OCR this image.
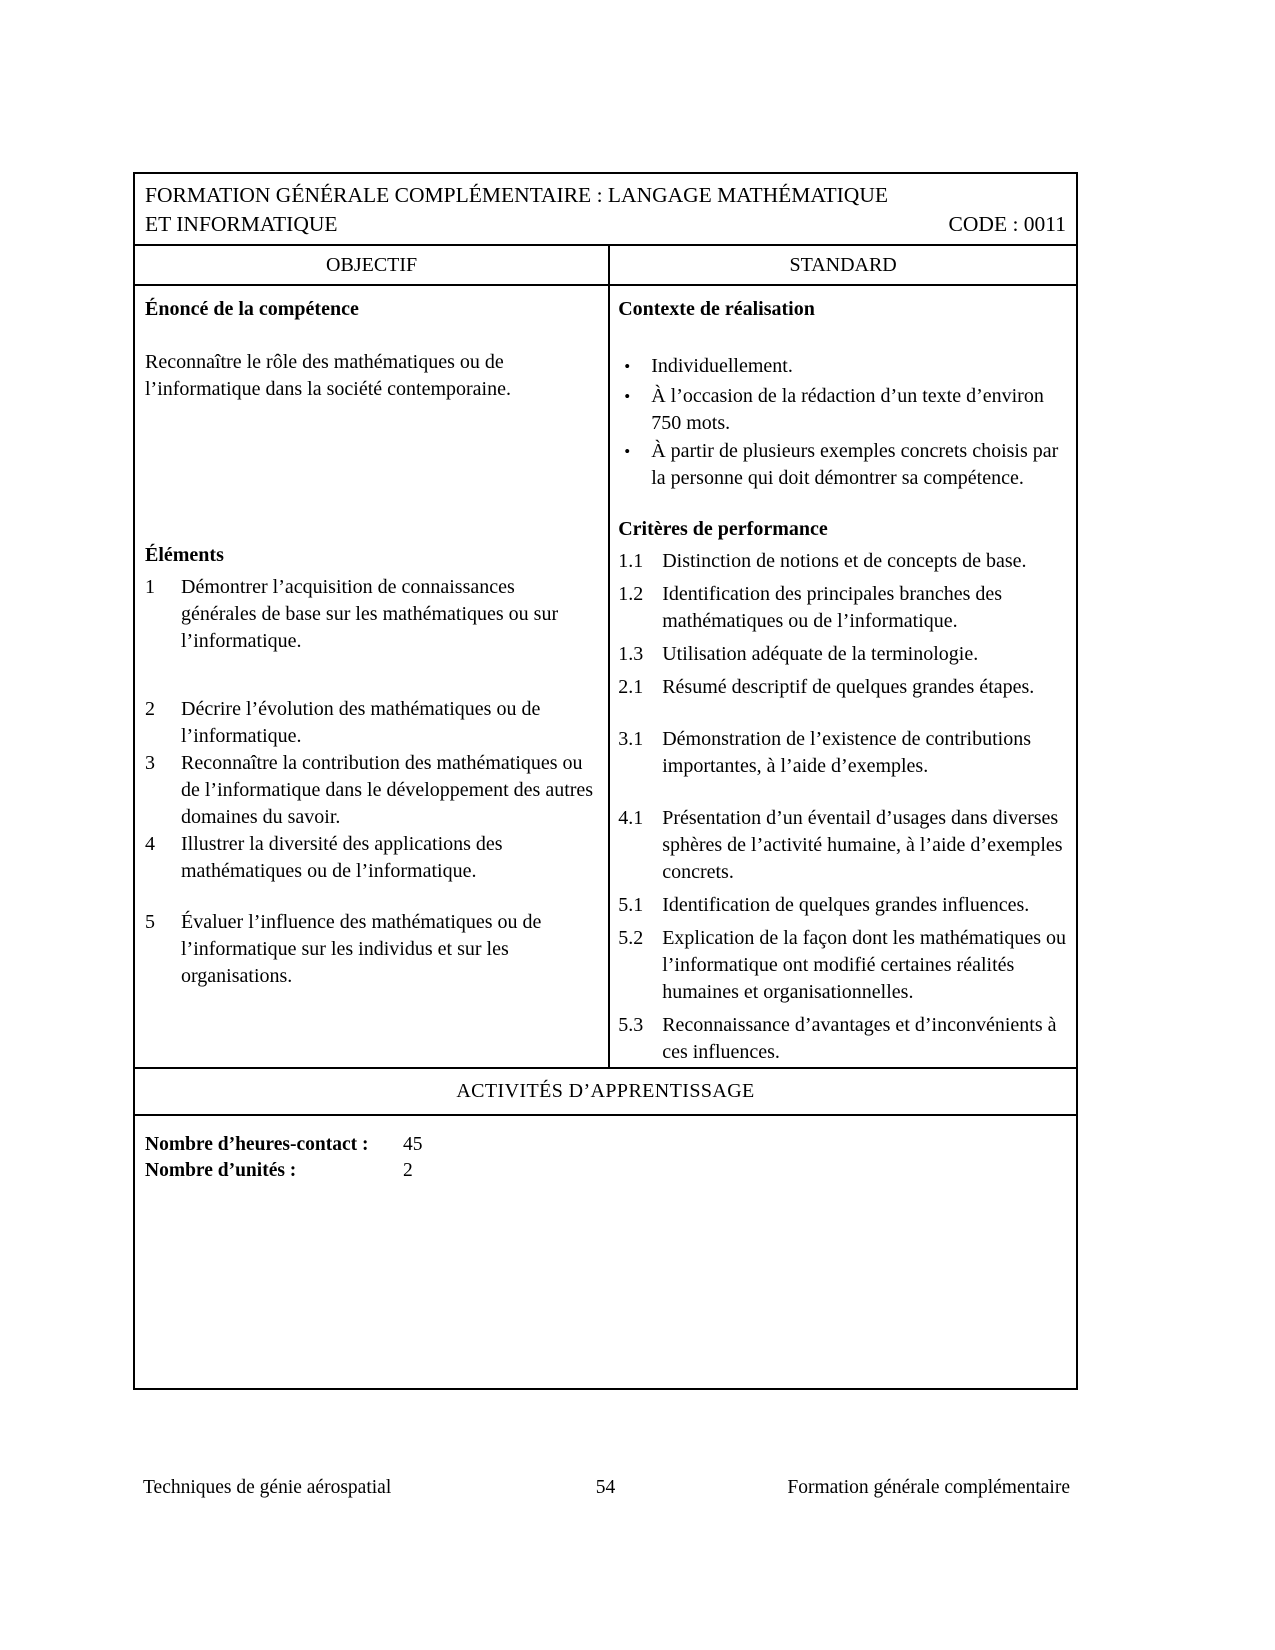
FORMATION GÉNÉRALE COMPLÉMENTAIRE : LANGAGE MATHÉMATIQUE
ET INFORMATIQUE	CODE : 0011
OBJECTIF	STANDARD
Énoncé de la compétence
Reconnaître le rôle des mathématiques ou de l’informatique dans la société contemporaine.
Éléments
1	Démontrer l’acquisition de connaissances générales de base sur les mathématiques ou sur l’informatique.
2	Décrire l’évolution des mathématiques ou de l’informatique.
3	Reconnaître la contribution des mathématiques ou de l’informatique dans le développement des autres domaines du savoir.
4	Illustrer la diversité des applications des mathématiques ou de l’informatique.
5	Évaluer l’influence des mathématiques ou de l’informatique sur les individus et sur les organisations.
Contexte de réalisation
•	Individuellement.
•	À l’occasion de la rédaction d’un texte d’environ 750 mots.
•	À partir de plusieurs exemples concrets choisis par la personne qui doit démontrer sa compétence.
Critères de performance
1.1 Distinction de notions et de concepts de base.
1.2 Identification des principales branches des mathématiques ou de l’informatique.
1.3 Utilisation adéquate de la terminologie.
2.1 Résumé descriptif de quelques grandes étapes.
3.1 Démonstration de l’existence de contributions importantes, à l’aide d’exemples.
4.1 Présentation d’un éventail d’usages dans diverses sphères de l’activité humaine, à l’aide d’exemples concrets.
5.1 Identification de quelques grandes influences.
5.2 Explication de la façon dont les mathématiques ou l’informatique ont modifié certaines réalités humaines et organisationnelles.
5.3 Reconnaissance d’avantages et d’inconvénients à ces influences.
ACTIVITÉS D’APPRENTISSAGE
Nombre d’heures-contact :	45
Nombre d’unités :	2
54
Techniques de génie aérospatial	Formation générale complémentaire
